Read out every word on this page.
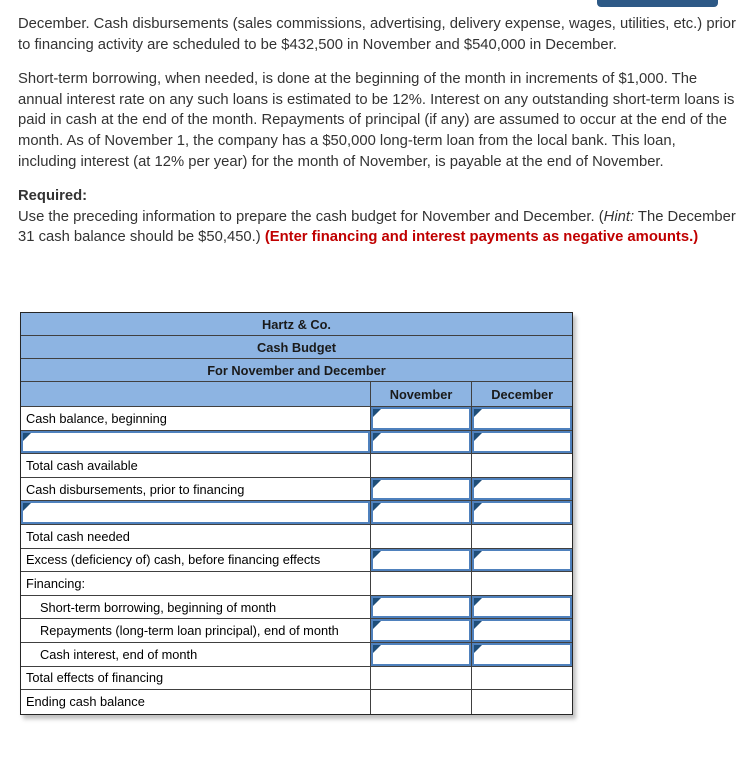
December. Cash disbursements (sales commissions, advertising, delivery expense, wages, utilities, etc.) prior to financing activity are scheduled to be $432,500 in November and $540,000 in December.
Short-term borrowing, when needed, is done at the beginning of the month in increments of $1,000. The annual interest rate on any such loans is estimated to be 12%. Interest on any outstanding short-term loans is paid in cash at the end of the month. Repayments of principal (if any) are assumed to occur at the end of the month. As of November 1, the company has a $50,000 long-term loan from the local bank. This loan, including interest (at 12% per year) for the month of November, is payable at the end of November.
Required:
Use the preceding information to prepare the cash budget for November and December. (Hint: The December 31 cash balance should be $50,450.) (Enter financing and interest payments as negative amounts.)
Hartz & Co.
Cash Budget
For November and December
November	December
Cash balance, beginning
Total cash available
Cash disbursements, prior to financing
Total cash needed
Excess (deficiency of) cash, before financing effects
Financing:
Short-term borrowing, beginning of month
Repayments (long-term loan principal), end of month
Cash interest, end of month
Total effects of financing
Ending cash balance
